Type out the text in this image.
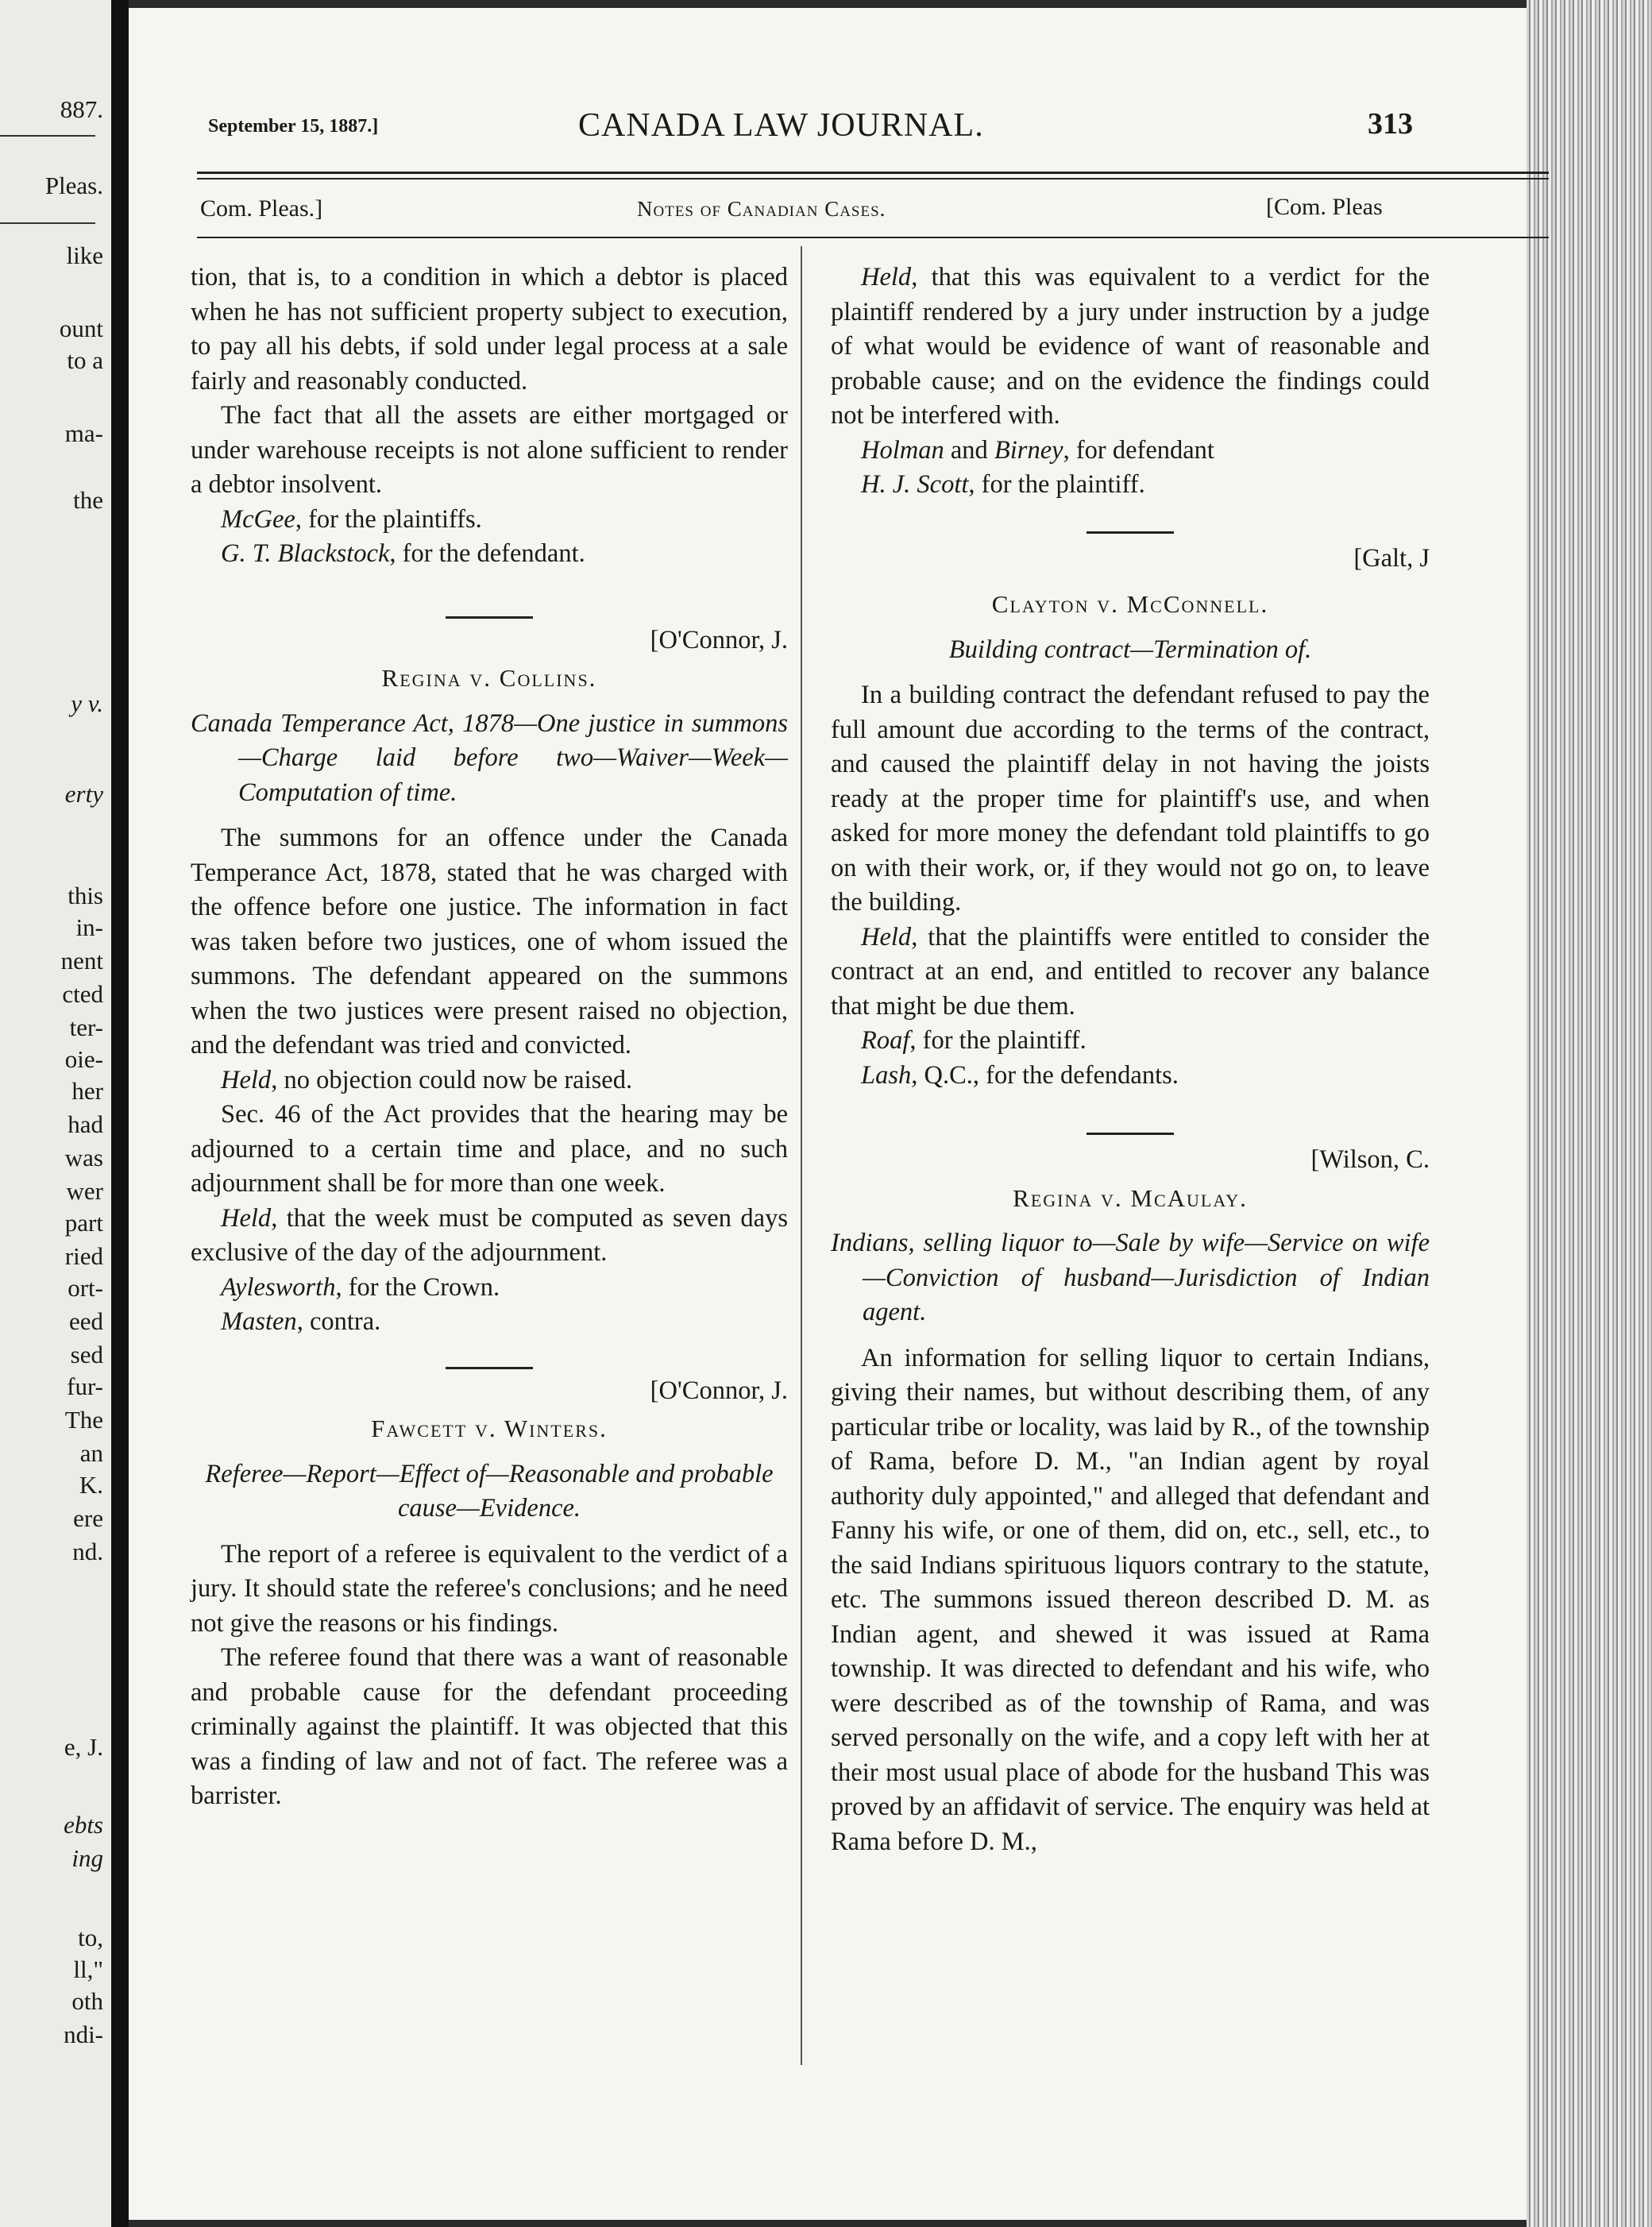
887.
Pleas.
like
ount
to a
ma-
the
y v.
erty
this
in-
nent
cted
ter-
oie-
her
had
was
wer
part
ried
ort-
eed
sed
fur-
The
an
K.
ere
nd.
e, J.
ebts
ing
to,
ll,"
oth
ndi-
September 15, 1887.]	CANADA LAW JOURNAL.	313
Com. Pleas.]	Notes of Canadian Cases.	[Com. Pleas

tion, that is, to a condition in which a debtor is placed when he has not sufficient property subject to execution, to pay all his debts, if sold under legal process at a sale fairly and reasonably conducted.

The fact that all the assets are either mortgaged or under warehouse receipts is not alone sufficient to render a debtor insolvent.

McGee, for the plaintiffs.

G. T. Blackstock, for the defendant.

[O'Connor, J.

Regina v. Collins.

Canada Temperance Act, 1878—One justice in summons—Charge laid before two—Waiver—Week—Computation of time.

The summons for an offence under the Canada Temperance Act, 1878, stated that he was charged with the offence before one justice. The information in fact was taken before two justices, one of whom issued the summons. The defendant appeared on the summons when the two justices were present raised no objection, and the defendant was tried and convicted.

Held, no objection could now be raised.

Sec. 46 of the Act provides that the hearing may be adjourned to a certain time and place, and no such adjournment shall be for more than one week.

Held, that the week must be computed as seven days exclusive of the day of the adjournment.

Aylesworth, for the Crown.

Masten, contra.

[O'Connor, J.

Fawcett v. Winters.

Referee—Report—Effect of—Reasonable and probable cause—Evidence.

The report of a referee is equivalent to the verdict of a jury. It should state the referee's conclusions; and he need not give the reasons or his findings.

The referee found that there was a want of reasonable and probable cause for the defendant proceeding criminally against the plaintiff. It was objected that this was a finding of law and not of fact. The referee was a barrister.

Held, that this was equivalent to a verdict for the plaintiff rendered by a jury under instruction by a judge of what would be evidence of want of reasonable and probable cause; and on the evidence the findings could not be interfered with.

Holman and Birney, for defendant

H. J. Scott, for the plaintiff.

[Galt, J

Clayton v. McConnell.

Building contract—Termination of.

In a building contract the defendant refused to pay the full amount due according to the terms of the contract, and caused the plaintiff delay in not having the joists ready at the proper time for plaintiff's use, and when asked for more money the defendant told plaintiffs to go on with their work, or, if they would not go on, to leave the building.

Held, that the plaintiffs were entitled to consider the contract at an end, and entitled to recover any balance that might be due them.

Roaf, for the plaintiff.

Lash, Q.C., for the defendants.

[Wilson, C.

Regina v. McAulay.

Indians, selling liquor to—Sale by wife—Service on wife—Conviction of husband—Jurisdiction of Indian agent.

An information for selling liquor to certain Indians, giving their names, but without describing them, of any particular tribe or locality, was laid by R., of the township of Rama, before D. M., "an Indian agent by royal authority duly appointed," and alleged that defendant and Fanny his wife, or one of them, did on, etc., sell, etc., to the said Indians spirituous liquors contrary to the statute, etc. The summons issued thereon described D. M. as Indian agent, and shewed it was issued at Rama township. It was directed to defendant and his wife, who were described as of the township of Rama, and was served personally on the wife, and a copy left with her at their most usual place of abode for the husband This was proved by an affidavit of service. The enquiry was held at Rama before D. M.,
